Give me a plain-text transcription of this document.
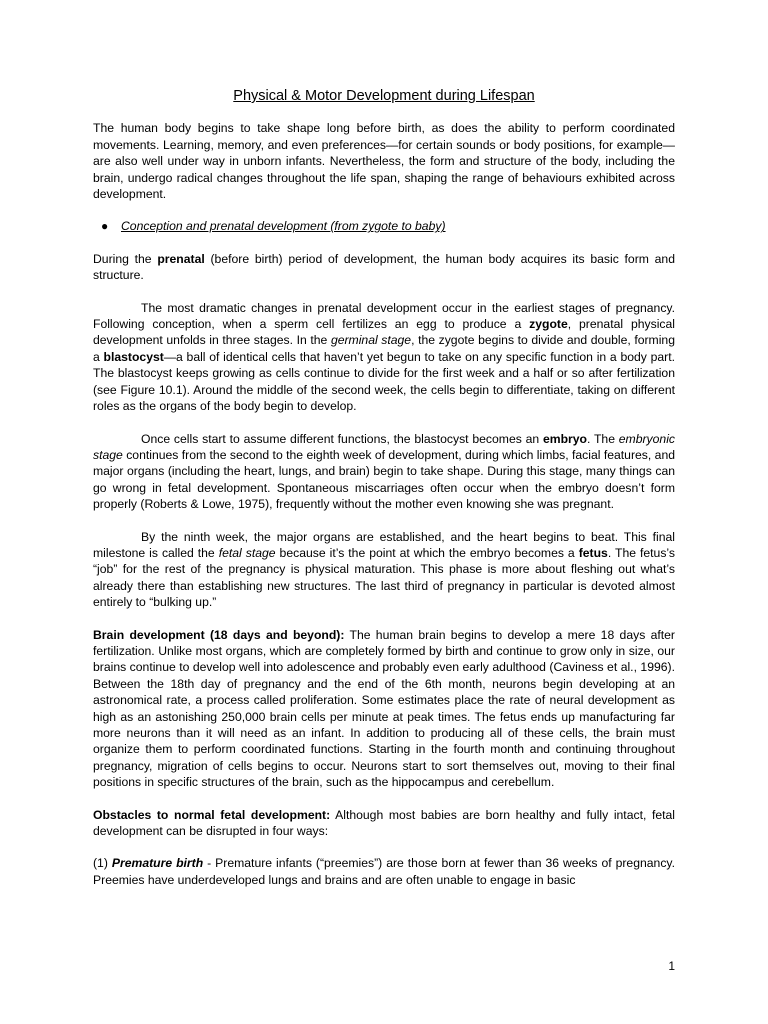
Physical & Motor Development during Lifespan

The human body begins to take shape long before birth, as does the ability to perform coordinated movements. Learning, memory, and even preferences—for certain sounds or body positions, for example—are also well under way in unborn infants. Nevertheless, the form and structure of the body, including the brain, undergo radical changes throughout the life span, shaping the range of behaviours exhibited across development.

●	Conception and prenatal development (from zygote to baby)

During the prenatal (before birth) period of development, the human body acquires its basic form and structure.

The most dramatic changes in prenatal development occur in the earliest stages of pregnancy. Following conception, when a sperm cell fertilizes an egg to produce a zygote, prenatal physical development unfolds in three stages. In the germinal stage, the zygote begins to divide and double, forming a blastocyst—a ball of identical cells that haven’t yet begun to take on any specific function in a body part. The blastocyst keeps growing as cells continue to divide for the first week and a half or so after fertilization (see Figure 10.1). Around the middle of the second week, the cells begin to differentiate, taking on different roles as the organs of the body begin to develop.

Once cells start to assume different functions, the blastocyst becomes an embryo. The embryonic stage continues from the second to the eighth week of development, during which limbs, facial features, and major organs (including the heart, lungs, and brain) begin to take shape. During this stage, many things can go wrong in fetal development. Spontaneous miscarriages often occur when the embryo doesn’t form properly (Roberts & Lowe, 1975), frequently without the mother even knowing she was pregnant.

By the ninth week, the major organs are established, and the heart begins to beat. This final milestone is called the fetal stage because it’s the point at which the embryo becomes a fetus. The fetus’s “job” for the rest of the pregnancy is physical maturation. This phase is more about fleshing out what’s already there than establishing new structures. The last third of pregnancy in particular is devoted almost entirely to “bulking up.”

Brain development (18 days and beyond): The human brain begins to develop a mere 18 days after fertilization. Unlike most organs, which are completely formed by birth and continue to grow only in size, our brains continue to develop well into adolescence and probably even early adulthood (Caviness et al., 1996). Between the 18th day of pregnancy and the end of the 6th month, neurons begin developing at an astronomical rate, a process called proliferation. Some estimates place the rate of neural development as high as an astonishing 250,000 brain cells per minute at peak times. The fetus ends up manufacturing far more neurons than it will need as an infant. In addition to producing all of these cells, the brain must organize them to perform coordinated functions. Starting in the fourth month and continuing throughout pregnancy, migration of cells begins to occur. Neurons start to sort themselves out, moving to their final positions in specific structures of the brain, such as the hippocampus and cerebellum.

Obstacles to normal fetal development: Although most babies are born healthy and fully intact, fetal development can be disrupted in four ways:

(1) Premature birth - Premature infants (“preemies”) are those born at fewer than 36 weeks of pregnancy. Preemies have underdeveloped lungs and brains and are often unable to engage in basic

1
